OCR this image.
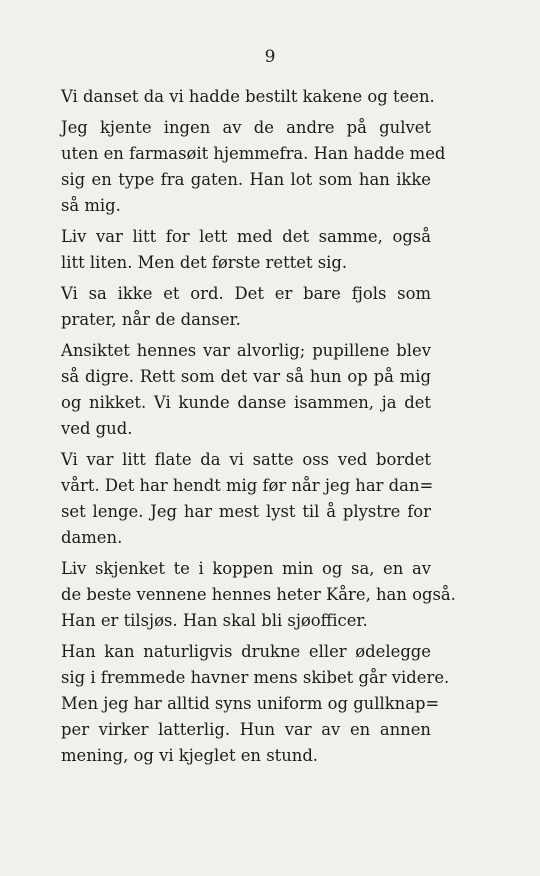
9
Vi danset da vi hadde bestilt kakene og teen.
Jeg kjente ingen av de andre på gulvet
uten en farmasøit hjemmefra. Han hadde med
sig en type fra gaten. Han lot som han ikke
så mig.
Liv var litt for lett med det samme, også
litt liten. Men det første rettet sig.
Vi sa ikke et ord. Det er bare fjols som
prater, når de danser.
Ansiktet hennes var alvorlig; pupillene blev
så digre. Rett som det var så hun op på mig
og nikket. Vi kunde danse isammen, ja det
ved gud.
Vi var litt flate da vi satte oss ved bordet
vårt. Det har hendt mig før når jeg har dan=
set lenge. Jeg har mest lyst til å plystre for
damen.
Liv skjenket te i koppen min og sa, en av
de beste vennene hennes heter Kåre, han også.
Han er tilsjøs. Han skal bli sjøofficer.
Han kan naturligvis drukne eller ødelegge
sig i fremmede havner mens skibet går videre.
Men jeg har alltid syns uniform og gullknap=
per virker latterlig. Hun var av en annen
mening, og vi kjeglet en stund.
